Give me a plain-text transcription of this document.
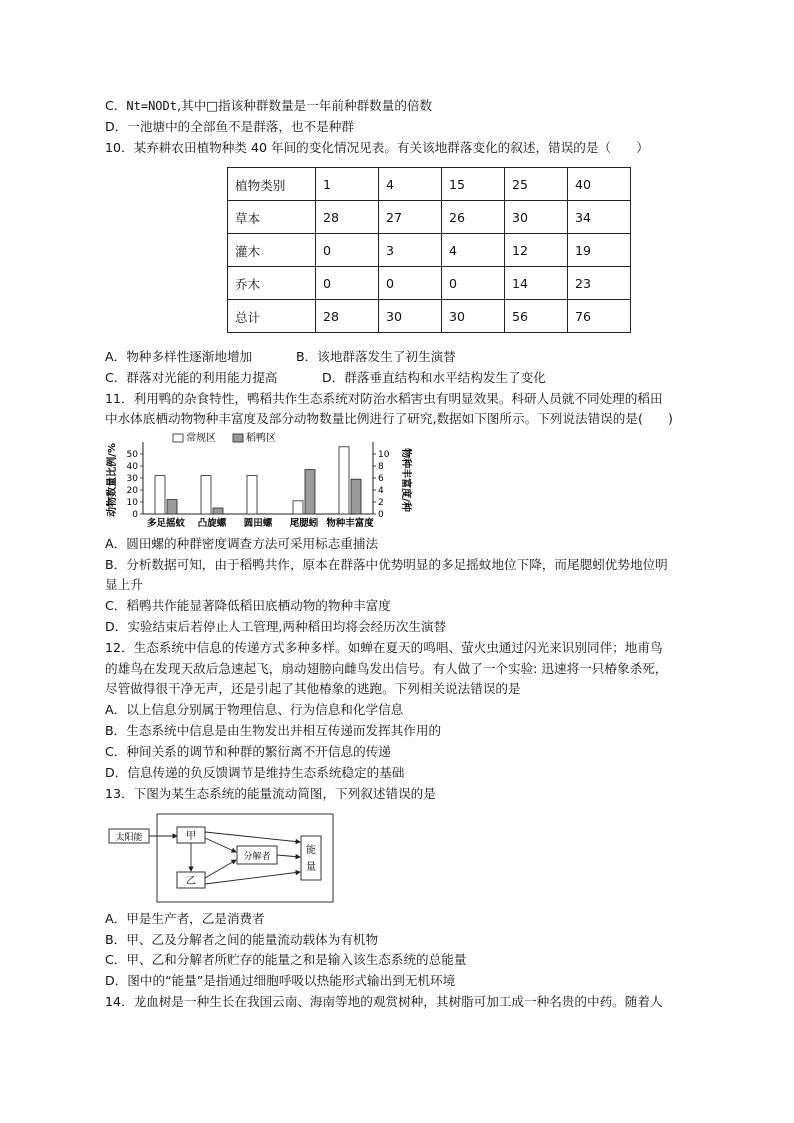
C．Nt=NODt,其中□指该种群数量是一年前种群数量的倍数
D．一池塘中的全部鱼不是群落，也不是种群
10．某弃耕农田植物种类 40 年间的变化情况见表。有关该地群落变化的叙述，错误的是（　　）
植物类别	1	4	15	25	40
草本	28	27	26	30	34
灌木	0	3	4	12	19
乔木	0	0	0	14	23
总计	28	30	30	56	76
A．物种多样性逐渐地增加	B．该地群落发生了初生演替
C．群落对光能的利用能力提高	D．群落垂直结构和水平结构发生了变化
11．利用鸭的杂食特性，鸭稻共作生态系统对防治水稻害虫有明显效果。科研人员就不同处理的稻田
中水体底栖动物物种丰富度及部分动物数量比例进行了研究,数据如下图所示。下列说法错误的是(　　)
动物数量比例/%	物种丰富度/种
常规区	稻鸭区
0
10
20
30
40
50
0
2
4
6
8
10
多足摇蚊 凸旋螺 圆田螺 尾腮蚓 物种丰富度
A．圆田螺的种群密度调查方法可采用标志重捕法
B．分析数据可知，由于稻鸭共作，原本在群落中优势明显的多足摇蚊地位下降，而尾腮蚓优势地位明
显上升
C．稻鸭共作能显著降低稻田底栖动物的物种丰富度
D．实验结束后若停止人工管理,两种稻田均将会经历次生演替
12．生态系统中信息的传递方式多种多样。如蝉在夏天的鸣唱、萤火虫通过闪光来识别同伴；地甫鸟
的雄鸟在发现天敌后急速起飞，扇动翅膀向雌鸟发出信号。有人做了一个实验: 迅速将一只椿象杀死，
尽管做得很干净无声，还是引起了其他椿象的逃跑。下列相关说法错误的是
A．以上信息分别属于物理信息、行为信息和化学信息
B．生态系统中信息是由生物发出并相互传递而发挥其作用的
C．种间关系的调节和种群的繁衍离不开信息的传递
D．信息传递的负反馈调节是维持生态系统稳定的基础
13．下图为某生态系统的能量流动简图，下列叙述错误的是
太阳能	甲
乙
分解者
能
量
A．甲是生产者，乙是消费者
B．甲、乙及分解者之间的能量流动载体为有机物
C．甲、乙和分解者所贮存的能量之和是输入该生态系统的总能量
D．图中的“能量”是指通过细胞呼吸以热能形式输出到无机环境
14．龙血树是一种生长在我国云南、海南等地的观赏树种，其树脂可加工成一种名贵的中药。随着人
